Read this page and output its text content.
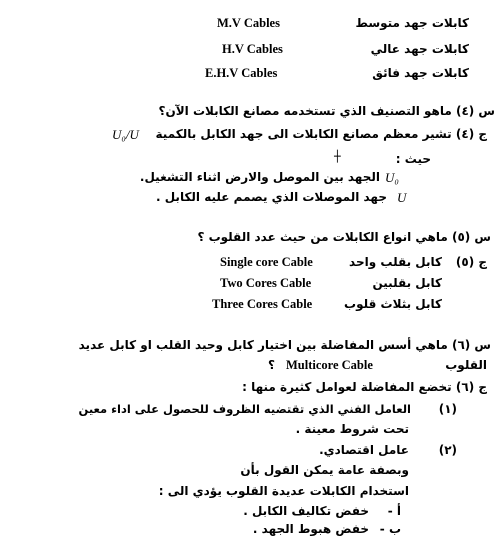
كابلات جهد متوسط
M.V Cables
كابلات جهد عالي
H.V Cables
كابلات جهد فائق
E.H.V Cables
س (٤) ماهو التصنيف الذي تستخدمه مصانع الكابلات الآن؟
ج (٤) تشير معظم مصانع الكابلات الى جهد الكابل بالكمية
U₀/U
حيث :
┼
U₀
الجهد بين الموصل والارض اثناء التشغيل.
U
جهد الموصلات الذي يصمم عليه الكابل .
س (٥) ماهي انواع الكابلات من حيث عدد القلوب ؟
ج (٥)
كابل بقلب واحد
Single core Cable
كابل بقلبين
Two Cores Cable
كابل بثلاث قلوب
Three Cores Cable
س (٦) ماهي أسس المفاضلة بين اختيار كابل وحيد القلب او كابل عديد
القلوب
Multicore Cable
؟
ج (٦) تخضع المفاضلة لعوامل كثيرة منها :
(١)
العامل الفني الذي تقتضيه الظروف للحصول على اداء معين
تحت شروط معينة .
(٢)
عامل اقتصادي.
وبصفة عامة يمكن القول بأن
استخدام الكابلات عديدة القلوب يؤدي الى :
أ -
خفض تكاليف الكابل .
ب -
خفض هبوط الجهد .
